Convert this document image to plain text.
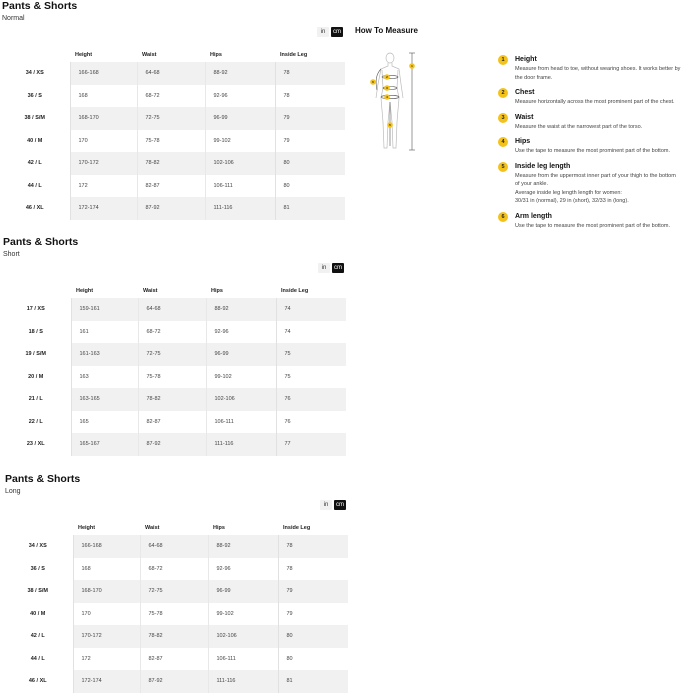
Pants & Shorts
Normal
in	cm
	Height	Waist	Hips	Inside Leg
34 / XS	166-168	64-68	88-92	78
36 / S	168	68-72	92-96	78
38 / S/M	168-170	72-75	96-99	79
40 / M	170	75-78	99-102	79
42 / L	170-172	78-82	102-106	80
44 / L	172	82-87	106-111	80
46 / XL	172-174	87-92	111-116	81
Pants & Shorts
Short
in	cm
	Height	Waist	Hips	Inside Leg
17 / XS	159-161	64-68	88-92	74
18 / S	161	68-72	92-96	74
19 / S/M	161-163	72-75	96-99	75
20 / M	163	75-78	99-102	75
21 / L	163-165	78-82	102-106	76
22 / L	165	82-87	106-111	76
23 / XL	165-167	87-92	111-116	77
Pants & Shorts
Long
in	cm
	Height	Waist	Hips	Inside Leg
34 / XS	166-168	64-68	88-92	78
36 / S	168	68-72	92-96	78
38 / S/M	168-170	72-75	96-99	79
40 / M	170	75-78	99-102	79
42 / L	170-172	78-82	102-106	80
44 / L	172	82-87	106-111	80
46 / XL	172-174	87-92	111-116	81
How To Measure
1
2
3
4
5
6
1	Height
Measure from head to toe, without wearing shoes. It works better by
the door frame.
2	Chest
Measure horizontally across the most prominent part of the chest.
3	Waist
Measure the waist at the narrowest part of the torso.
4	Hips
Use the tape to measure the most prominent part of the bottom.
5	Inside leg length
Measure from the uppermost inner part of your thigh to the bottom
of your ankle.
Average inside leg length length for women:
30/31 in (normal), 29 in (short), 32/33 in (long).
6	Arm length
Use the tape to measure the most prominent part of the bottom.
